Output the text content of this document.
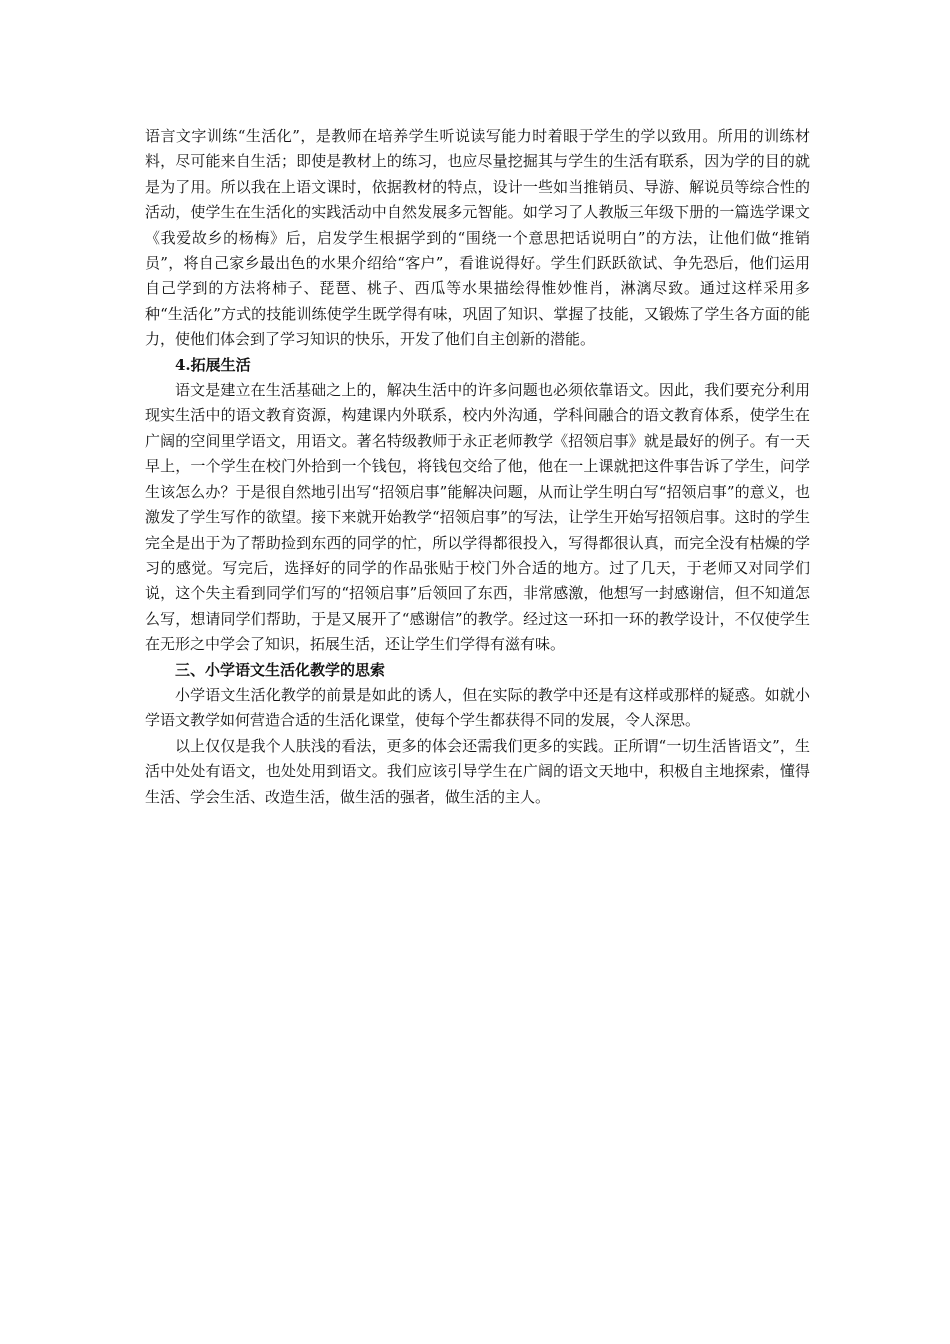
语言文字训练“生活化”，是教师在培养学生听说读写能力时着眼于学生的学以致用。所用的训练材料，尽可能来自生活；即使是教材上的练习，也应尽量挖掘其与学生的生活有联系，因为学的目的就是为了用。所以我在上语文课时，依据教材的特点，设计一些如当推销员、导游、解说员等综合性的活动，使学生在生活化的实践活动中自然发展多元智能。如学习了人教版三年级下册的一篇选学课文《我爱故乡的杨梅》后，启发学生根据学到的“围绕一个意思把话说明白”的方法，让他们做“推销员”，将自己家乡最出色的水果介绍给“客户”，看谁说得好。学生们跃跃欲试、争先恐后，他们运用自己学到的方法将柿子、琵琶、桃子、西瓜等水果描绘得惟妙惟肖，淋漓尽致。通过这样采用多种“生活化”方式的技能训练使学生既学得有味，巩固了知识、掌握了技能，又锻炼了学生各方面的能力，使他们体会到了学习知识的快乐，开发了他们自主创新的潜能。

4.拓展生活

语文是建立在生活基础之上的，解决生活中的许多问题也必须依靠语文。因此，我们要充分利用现实生活中的语文教育资源，构建课内外联系，校内外沟通，学科间融合的语文教育体系，使学生在广阔的空间里学语文，用语文。著名特级教师于永正老师教学《招领启事》就是最好的例子。有一天早上，一个学生在校门外拾到一个钱包，将钱包交给了他，他在一上课就把这件事告诉了学生，问学生该怎么办？于是很自然地引出写“招领启事”能解决问题，从而让学生明白写“招领启事”的意义，也激发了学生写作的欲望。接下来就开始教学“招领启事”的写法，让学生开始写招领启事。这时的学生完全是出于为了帮助捡到东西的同学的忙，所以学得都很投入，写得都很认真，而完全没有枯燥的学习的感觉。写完后，选择好的同学的作品张贴于校门外合适的地方。过了几天，于老师又对同学们说，这个失主看到同学们写的“招领启事”后领回了东西，非常感激，他想写一封感谢信，但不知道怎么写，想请同学们帮助，于是又展开了“感谢信”的教学。经过这一环扣一环的教学设计，不仅使学生在无形之中学会了知识，拓展生活，还让学生们学得有滋有味。

三、小学语文生活化教学的思索

小学语文生活化教学的前景是如此的诱人，但在实际的教学中还是有这样或那样的疑惑。如就小学语文教学如何营造合适的生活化课堂，使每个学生都获得不同的发展，令人深思。

以上仅仅是我个人肤浅的看法，更多的体会还需我们更多的实践。正所谓“一切生活皆语文”，生活中处处有语文，也处处用到语文。我们应该引导学生在广阔的语文天地中，积极自主地探索，懂得生活、学会生活、改造生活，做生活的强者，做生活的主人。
